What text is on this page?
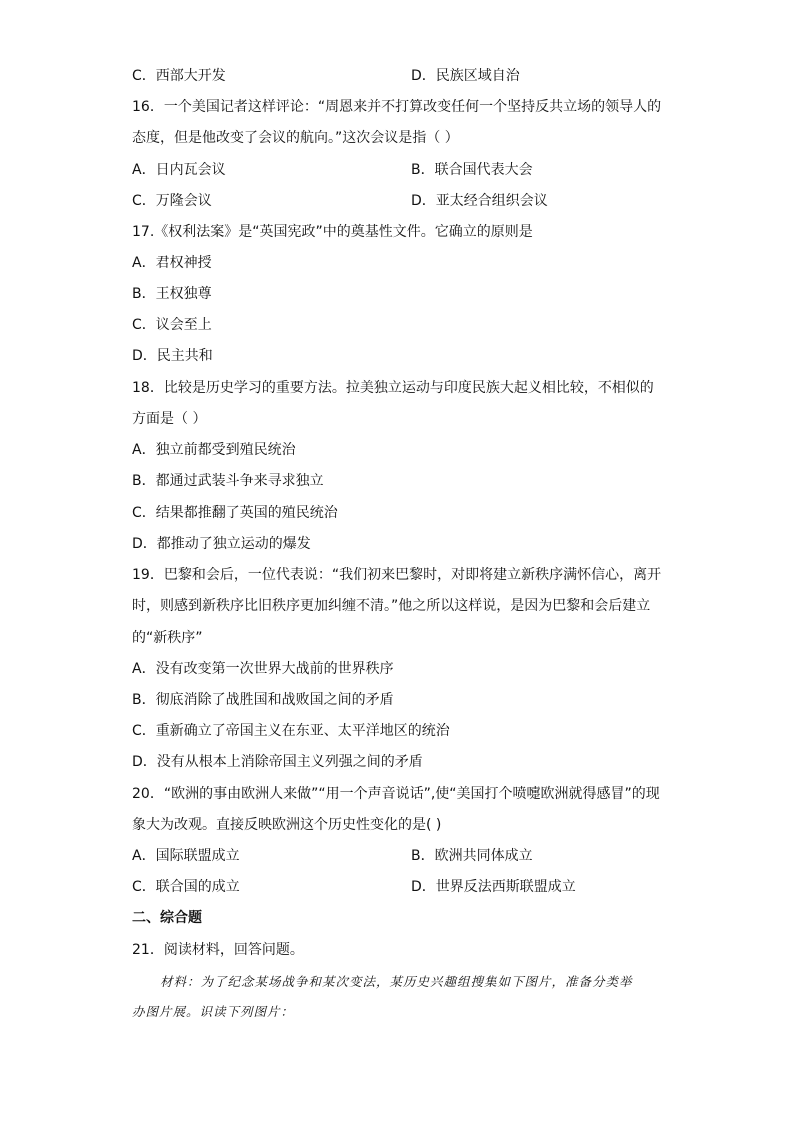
C．西部大开发	D．民族区域自治
16．一个美国记者这样评论：“周恩来并不打算改变任何一个坚持反共立场的领导人的
态度，但是他改变了会议的航向。”这次会议是指（ ）
A．日内瓦会议	B．联合国代表大会
C．万隆会议	D．亚太经合组织会议
17.《权利法案》是“英国宪政”中的奠基性文件。它确立的原则是
A．君权神授
B．王权独尊
C．议会至上
D．民主共和
18．比较是历史学习的重要方法。拉美独立运动与印度民族大起义相比较，不相似的
方面是（ ）
A．独立前都受到殖民统治
B．都通过武装斗争来寻求独立
C．结果都推翻了英国的殖民统治
D．都推动了独立运动的爆发
19．巴黎和会后，一位代表说：“我们初来巴黎时，对即将建立新秩序满怀信心，离开
时，则感到新秩序比旧秩序更加纠缠不清。”他之所以这样说，是因为巴黎和会后建立
的“新秩序”
A．没有改变第一次世界大战前的世界秩序
B．彻底消除了战胜国和战败国之间的矛盾
C．重新确立了帝国主义在东亚、太平洋地区的统治
D．没有从根本上消除帝国主义列强之间的矛盾
20．“欧洲的事由欧洲人来做”“用一个声音说话”,使“美国打个喷嚏欧洲就得感冒”的现
象大为改观。直接反映欧洲这个历史性变化的是( )
A．国际联盟成立	B．欧洲共同体成立
C．联合国的成立	D．世界反法西斯联盟成立
二、综合题
21．阅读材料，回答问题。
材料：为了纪念某场战争和某次变法，某历史兴趣组搜集如下图片，准备分类举
办图片展。识读下列图片：
